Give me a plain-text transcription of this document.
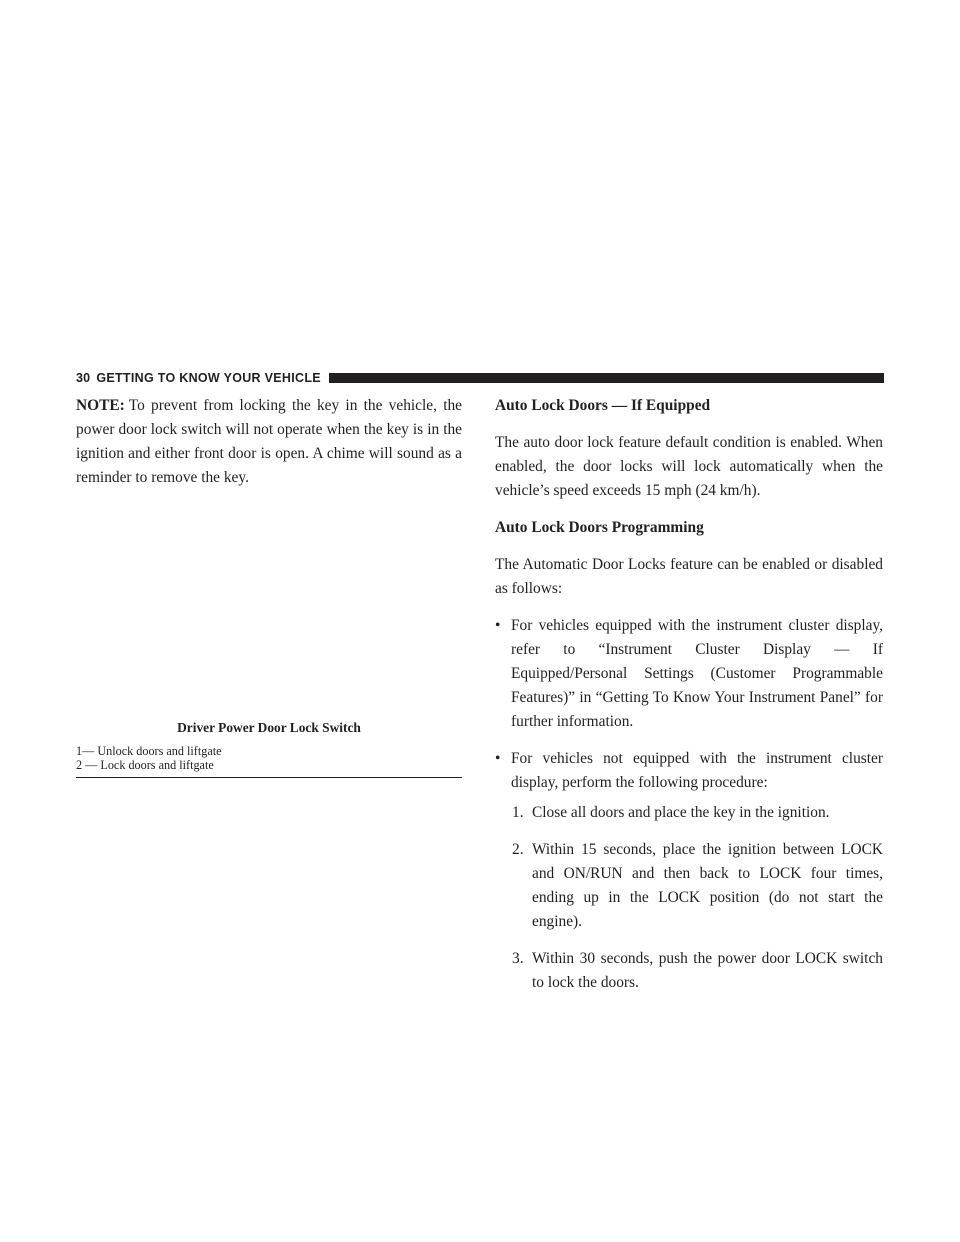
30 GETTING TO KNOW YOUR VEHICLE

NOTE: To prevent from locking the key in the vehicle, the power door lock switch will not operate when the key is in the ignition and either front door is open. A chime will sound as a reminder to remove the key.

Driver Power Door Lock Switch
1— Unlock doors and liftgate
2 — Lock doors and liftgate
Auto Lock Doors — If Equipped

The auto door lock feature default condition is enabled. When enabled, the door locks will lock automatically when the vehicle’s speed exceeds 15 mph (24 km/h).

Auto Lock Doors Programming

The Automatic Door Locks feature can be enabled or disabled as follows:

• For vehicles equipped with the instrument cluster display, refer to “Instrument Cluster Display — If Equipped/Personal Settings (Customer Programmable Features)” in “Getting To Know Your Instrument Panel” for further information.
• For vehicles not equipped with the instrument cluster display, perform the following procedure:
1. Close all doors and place the key in the ignition.
2. Within 15 seconds, place the ignition between LOCK and ON/RUN and then back to LOCK four times, ending up in the LOCK position (do not start the engine).
3. Within 30 seconds, push the power door LOCK switch to lock the doors.
